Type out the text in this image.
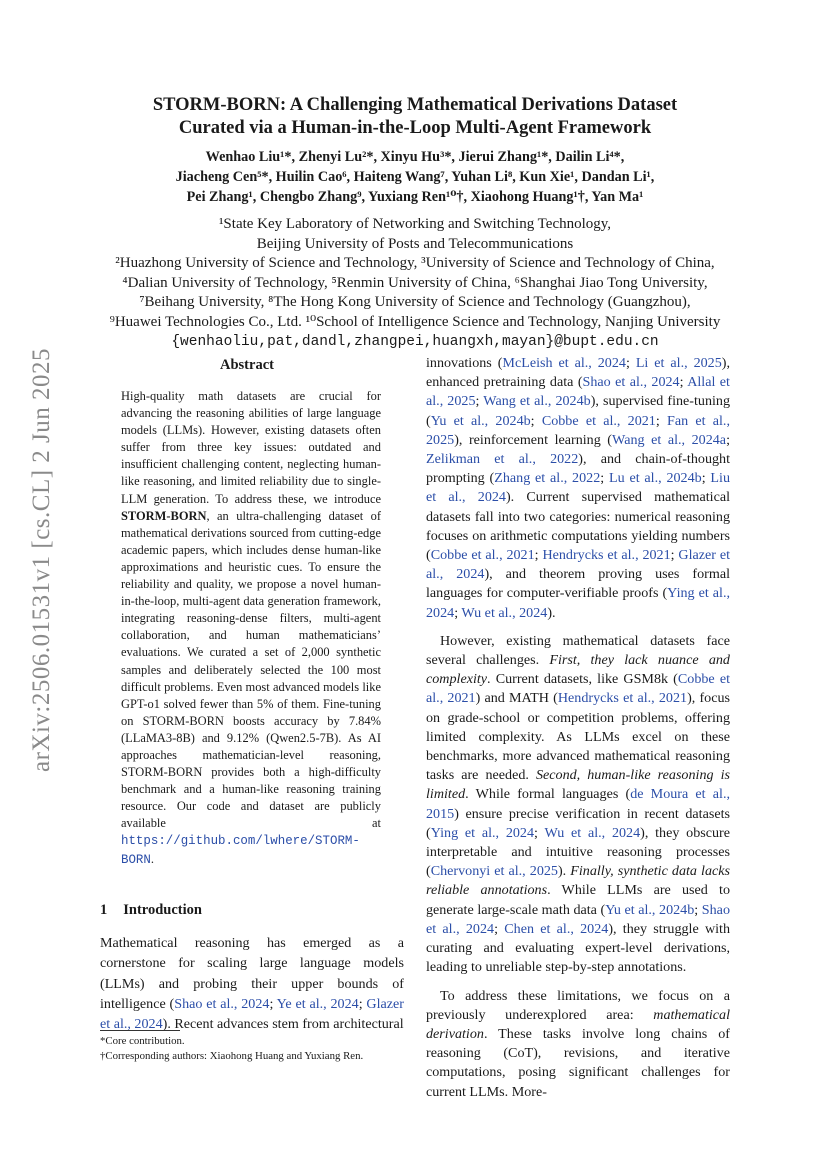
arXiv:2506.01531v1 [cs.CL] 2 Jun 2025
STORM-BORN: A Challenging Mathematical Derivations Dataset
Curated via a Human-in-the-Loop Multi-Agent Framework
Wenhao Liu¹*, Zhenyi Lu²*, Xinyu Hu³*, Jierui Zhang¹*, Dailin Li⁴*,
Jiacheng Cen⁵*, Huilin Cao⁶, Haiteng Wang⁷, Yuhan Li⁸, Kun Xie¹, Dandan Li¹,
Pei Zhang¹, Chengbo Zhang⁹, Yuxiang Ren¹⁰†, Xiaohong Huang¹†, Yan Ma¹
¹State Key Laboratory of Networking and Switching Technology,
Beijing University of Posts and Telecommunications
²Huazhong University of Science and Technology, ³University of Science and Technology of China,
⁴Dalian University of Technology, ⁵Renmin University of China, ⁶Shanghai Jiao Tong University,
⁷Beihang University, ⁸The Hong Kong University of Science and Technology (Guangzhou),
⁹Huawei Technologies Co., Ltd. ¹⁰School of Intelligence Science and Technology, Nanjing University
{wenhaoliu,pat,dandl,zhangpei,huangxh,mayan}@bupt.edu.cn
Abstract
High-quality math datasets are crucial for advancing the reasoning abilities of large language models (LLMs). However, existing datasets often suffer from three key issues: outdated and insufficient challenging content, neglecting human-like reasoning, and limited reliability due to single-LLM generation. To address these, we introduce STORM-BORN, an ultra-challenging dataset of mathematical derivations sourced from cutting-edge academic papers, which includes dense human-like approximations and heuristic cues. To ensure the reliability and quality, we propose a novel human-in-the-loop, multi-agent data generation framework, integrating reasoning-dense filters, multi-agent collaboration, and human mathematicians’ evaluations. We curated a set of 2,000 synthetic samples and deliberately selected the 100 most difficult problems. Even most advanced models like GPT-o1 solved fewer than 5% of them. Fine-tuning on STORM-BORN boosts accuracy by 7.84% (LLaMA3-8B) and 9.12% (Qwen2.5-7B). As AI approaches mathematician-level reasoning, STORM-BORN provides both a high-difficulty benchmark and a human-like reasoning training resource. Our code and dataset are publicly available at https://github.com/lwhere/STORM-BORN.
1 Introduction
Mathematical reasoning has emerged as a cornerstone for scaling large language models (LLMs) and probing their upper bounds of intelligence (Shao et al., 2024; Ye et al., 2024; Glazer et al., 2024). Recent advances stem from architectural

*Core contribution.

†Corresponding authors: Xiaohong Huang and Yuxiang Ren.

innovations (McLeish et al., 2024; Li et al., 2025), enhanced pretraining data (Shao et al., 2024; Allal et al., 2025; Wang et al., 2024b), supervised fine-tuning (Yu et al., 2024b; Cobbe et al., 2021; Fan et al., 2025), reinforcement learning (Wang et al., 2024a; Zelikman et al., 2022), and chain-of-thought prompting (Zhang et al., 2022; Lu et al., 2024b; Liu et al., 2024). Current supervised mathematical datasets fall into two categories: numerical reasoning focuses on arithmetic computations yielding numbers (Cobbe et al., 2021; Hendrycks et al., 2021; Glazer et al., 2024), and theorem proving uses formal languages for computer-verifiable proofs (Ying et al., 2024; Wu et al., 2024).

However, existing mathematical datasets face several challenges. First, they lack nuance and complexity. Current datasets, like GSM8k (Cobbe et al., 2021) and MATH (Hendrycks et al., 2021), focus on grade-school or competition problems, offering limited complexity. As LLMs excel on these benchmarks, more advanced mathematical reasoning tasks are needed. Second, human-like reasoning is limited. While formal languages (de Moura et al., 2015) ensure precise verification in recent datasets (Ying et al., 2024; Wu et al., 2024), they obscure interpretable and intuitive reasoning processes (Chervonyi et al., 2025). Finally, synthetic data lacks reliable annotations. While LLMs are used to generate large-scale math data (Yu et al., 2024b; Shao et al., 2024; Chen et al., 2024), they struggle with curating and evaluating expert-level derivations, leading to unreliable step-by-step annotations.

To address these limitations, we focus on a previously underexplored area: mathematical derivation. These tasks involve long chains of reasoning (CoT), revisions, and iterative computations, posing significant challenges for current LLMs. More-
